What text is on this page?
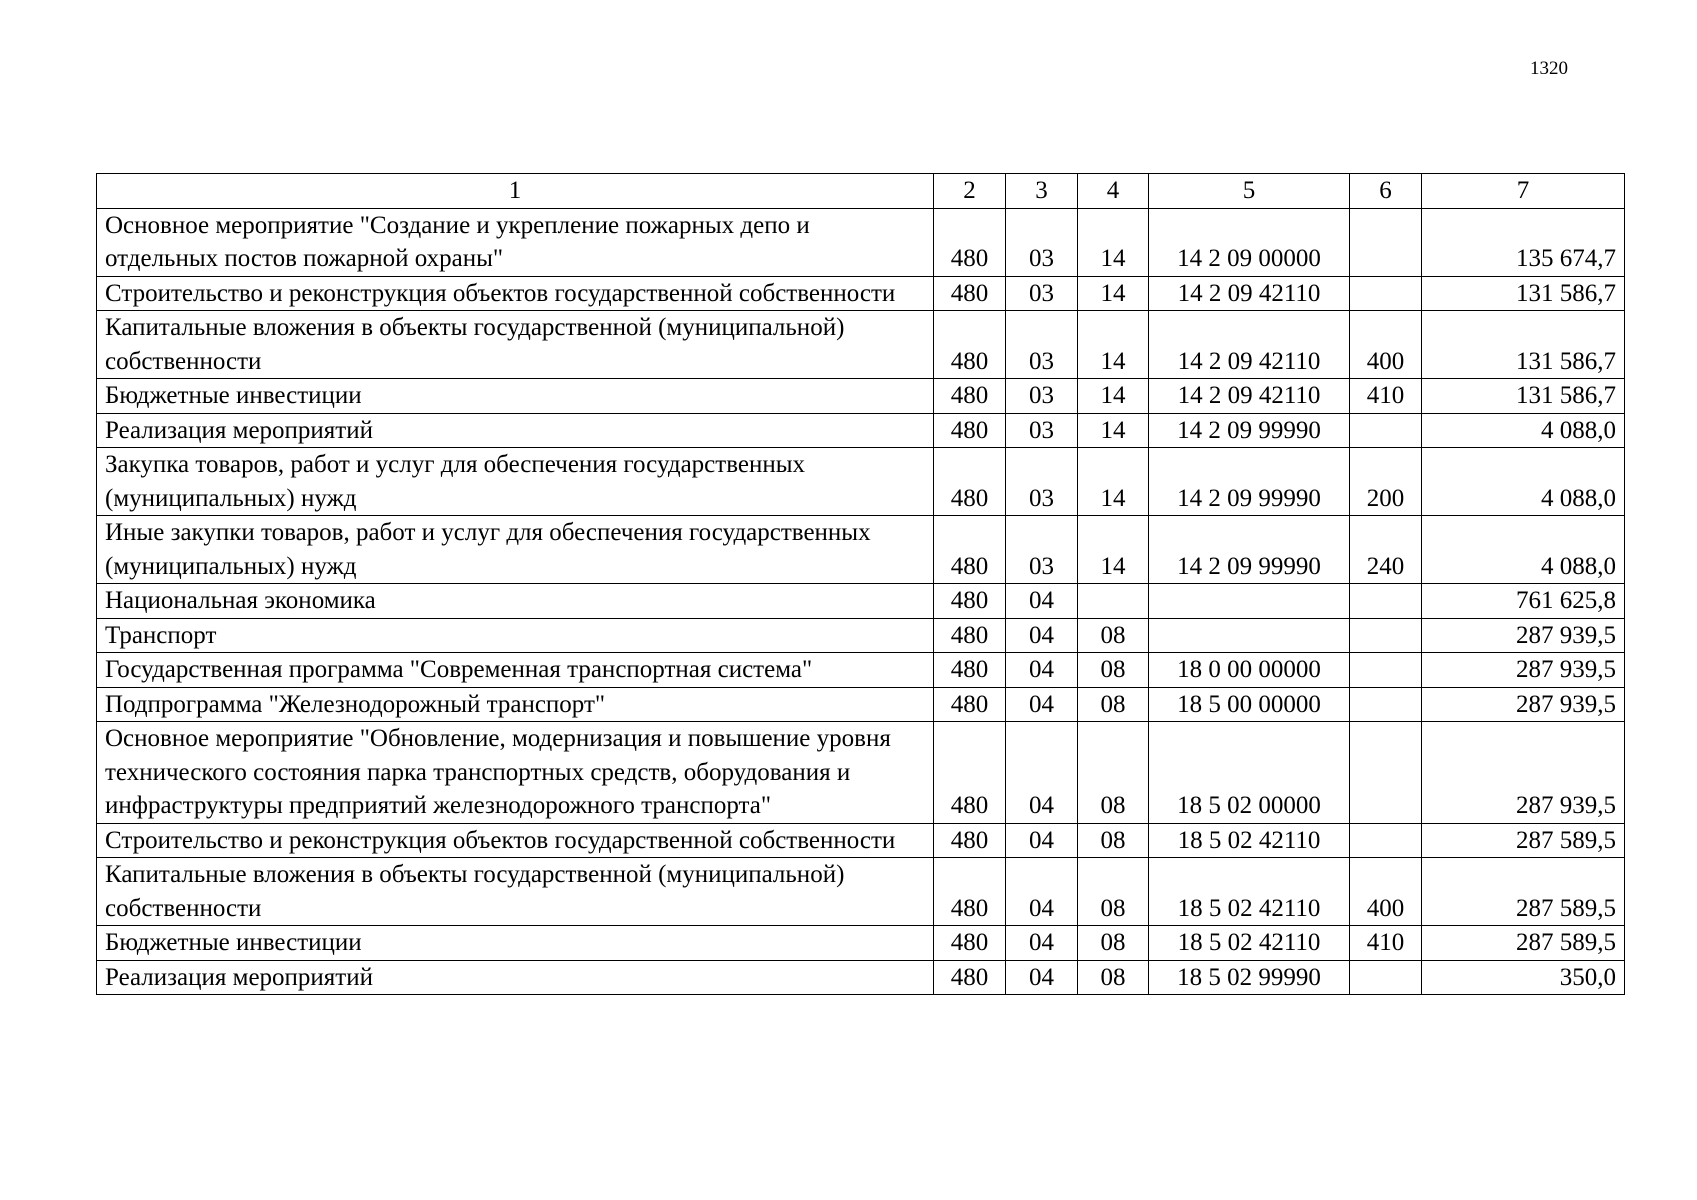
1320
1	2	3	4	5	6	7
Основное мероприятие "Создание и укрепление пожарных депо и отдельных постов пожарной охраны"	480	03	14	14 2 09 00000		135 674,7
Строительство и реконструкция объектов государственной собственности	480	03	14	14 2 09 42110		131 586,7
Капитальные вложения в объекты государственной (муниципальной) собственности	480	03	14	14 2 09 42110	400	131 586,7
Бюджетные инвестиции	480	03	14	14 2 09 42110	410	131 586,7
Реализация мероприятий	480	03	14	14 2 09 99990		4 088,0
Закупка товаров, работ и услуг для обеспечения государственных (муниципальных) нужд	480	03	14	14 2 09 99990	200	4 088,0
Иные закупки товаров, работ и услуг для обеспечения государственных (муниципальных) нужд	480	03	14	14 2 09 99990	240	4 088,0
Национальная экономика	480	04				761 625,8
Транспорт	480	04	08			287 939,5
Государственная программа "Современная транспортная система"	480	04	08	18 0 00 00000		287 939,5
Подпрограмма "Железнодорожный транспорт"	480	04	08	18 5 00 00000		287 939,5
Основное мероприятие "Обновление, модернизация и повышение уровня технического состояния парка транспортных средств, оборудования и инфраструктуры предприятий железнодорожного транспорта"	480	04	08	18 5 02 00000		287 939,5
Строительство и реконструкция объектов государственной собственности	480	04	08	18 5 02 42110		287 589,5
Капитальные вложения в объекты государственной (муниципальной) собственности	480	04	08	18 5 02 42110	400	287 589,5
Бюджетные инвестиции	480	04	08	18 5 02 42110	410	287 589,5
Реализация мероприятий	480	04	08	18 5 02 99990		350,0
